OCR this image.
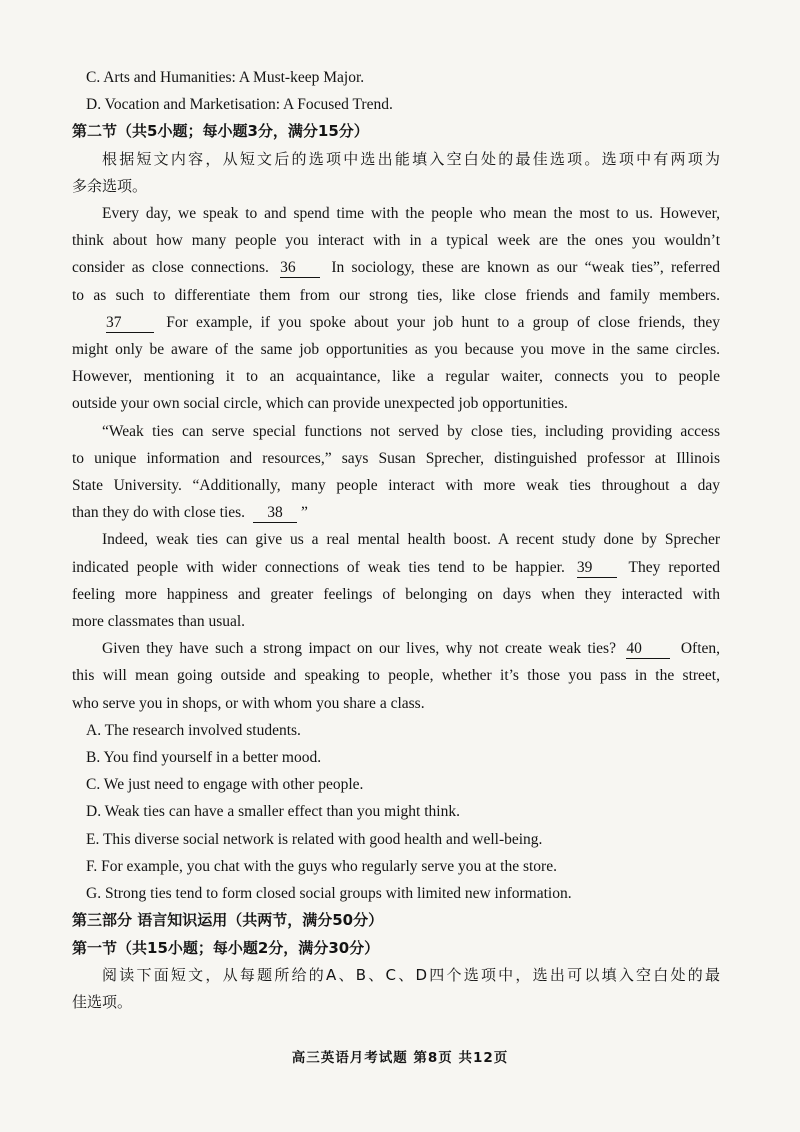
C. Arts and Humanities: A Must-keep Major.
D. Vocation and Marketisation: A Focused Trend.
第二节（共5小题；每小题3分，满分15分）
根据短文内容，从短文后的选项中选出能填入空白处的最佳选项。选项中有两项为
多余选项。
Every day, we speak to and spend time with the people who mean the most to us. However,
think about how many people you interact with in a typical week are the ones you wouldn’t
consider as close connections. 36 In sociology, these are known as our “weak ties”, referred
to as such to differentiate them from our strong ties, like close friends and family members.
37	For example, if you spoke about your job hunt to a group of close friends, they
might only be aware of the same job opportunities as you because you move in the same circles.
However, mentioning it to an acquaintance, like a regular waiter, connects you to people
outside your own social circle, which can provide unexpected job opportunities.
“Weak ties can serve special functions not served by close ties, including providing access
to unique information and resources,” says Susan Sprecher, distinguished professor at Illinois
State University. “Additionally, many people interact with more weak ties throughout a day
than they do with close ties. 38 ”
Indeed, weak ties can give us a real mental health boost. A recent study done by Sprecher
indicated people with wider connections of weak ties tend to be happier. 39 They reported
feeling more happiness and greater feelings of belonging on days when they interacted with
more classmates than usual.
Given they have such a strong impact on our lives, why not create weak ties? 40	Often,
this will mean going outside and speaking to people, whether it’s those you pass in the street,
who serve you in shops, or with whom you share a class.
A. The research involved students.
B. You find yourself in a better mood.
C. We just need to engage with other people.
D. Weak ties can have a smaller effect than you might think.
E. This diverse social network is related with good health and well-being.
F. For example, you chat with the guys who regularly serve you at the store.
G. Strong ties tend to form closed social groups with limited new information.
第三部分 语言知识运用（共两节，满分50分）
第一节（共15小题；每小题2分，满分30分）
阅读下面短文，从每题所给的A、B、C、D四个选项中，选出可以填入空白处的最
佳选项。
高三英语月考试题 第8页 共12页
